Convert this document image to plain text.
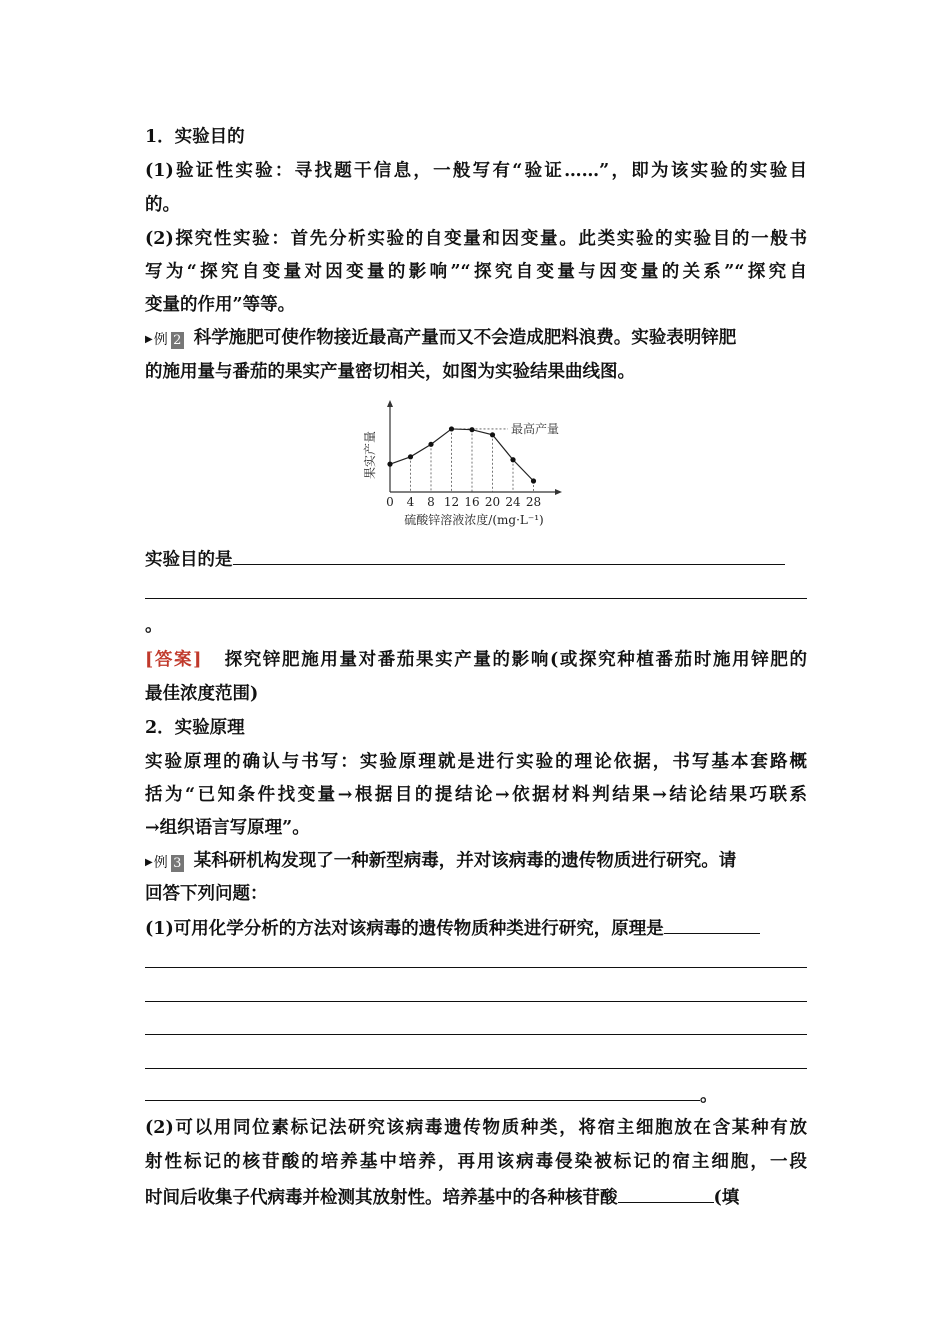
1．实验目的
(1)验证性实验：寻找题干信息，一般写有“验证……”，即为该实验的实验目
的。
(2)探究性实验：首先分析实验的自变量和因变量。此类实验的实验目的一般书
写为“探究自变量对因变量的影响”“探究自变量与因变量的关系”“探究自
变量的作用”等等。
▶ 例 2 科学施肥可使作物接近最高产量而又不会造成肥料浪费。实验表明锌肥
的施用量与番茄的果实产量密切相关，如图为实验结果曲线图。
最高产量
0 4 8 12 16 20 24 28
硫酸锌溶液浓度/(mg·L⁻¹)
果实产量
实验目的是
。
[答案] 探究锌肥施用量对番茄果实产量的影响(或探究种植番茄时施用锌肥的
最佳浓度范围)
2．实验原理
实验原理的确认与书写：实验原理就是进行实验的理论依据，书写基本套路概
括为“已知条件找变量→根据目的提结论→依据材料判结果→结论结果巧联系
→组织语言写原理”。
▶ 例 3 某科研机构发现了一种新型病毒，并对该病毒的遗传物质进行研究。请
回答下列问题：
(1)可用化学分析的方法对该病毒的遗传物质种类进行研究，原理是
。
(2)可以用同位素标记法研究该病毒遗传物质种类，将宿主细胞放在含某种有放
射性标记的核苷酸的培养基中培养，再用该病毒侵染被标记的宿主细胞，一段
时间后收集子代病毒并检测其放射性。培养基中的各种核苷酸	(填
